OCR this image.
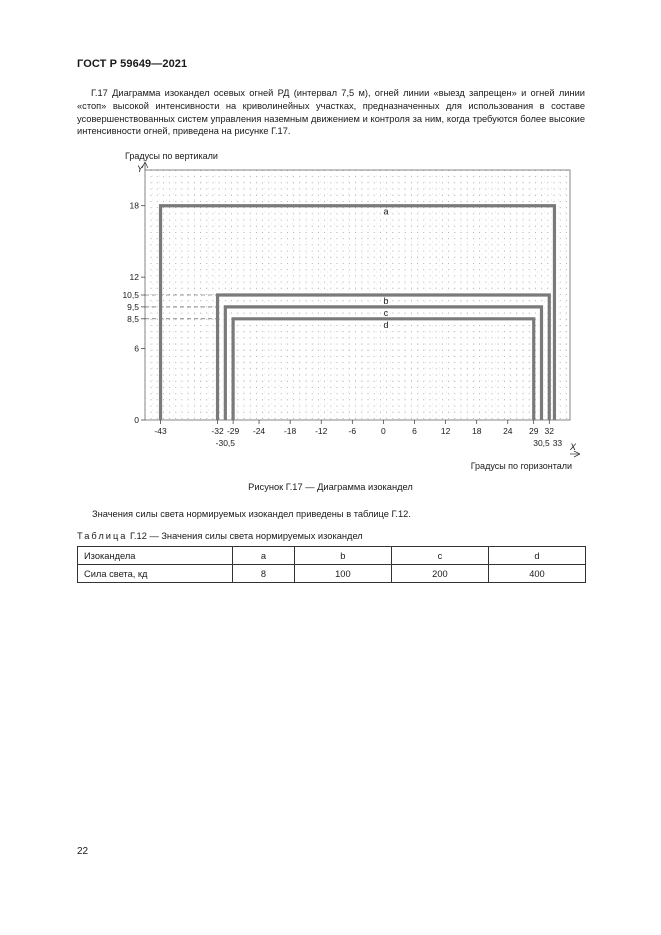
ГОСТ Р 59649—2021
Г.17 Диаграмма изокандел осевых огней РД (интервал 7,5 м), огней линии «выезд запрещен» и огней линии «стоп» высокой интенсивности на криволинейных участках, предназначенных для использования в составе усовершенствованных систем управления наземным движением и контроля за ним, когда требуются более высокие интенсивности огней, приведена на рисунке Г.17.
Y
Градусы по вертикали
X
Градусы по горизонтали
0
6
8,5
9,5
10,5
12
18
-43	-32 -29 -24 -18 -12 -6	0	6	12	18	24 29 32
-30,5	30,5 33
a
b
c
d
Рисунок Г.17 — Диаграмма изокандел
Значения силы света нормируемых изокандел приведены в таблице Г.12.
Таблица Г.12 — Значения силы света нормируемых изокандел
Изокандела	a	b	c	d
Сила света, кд	8	100	200	400
22
